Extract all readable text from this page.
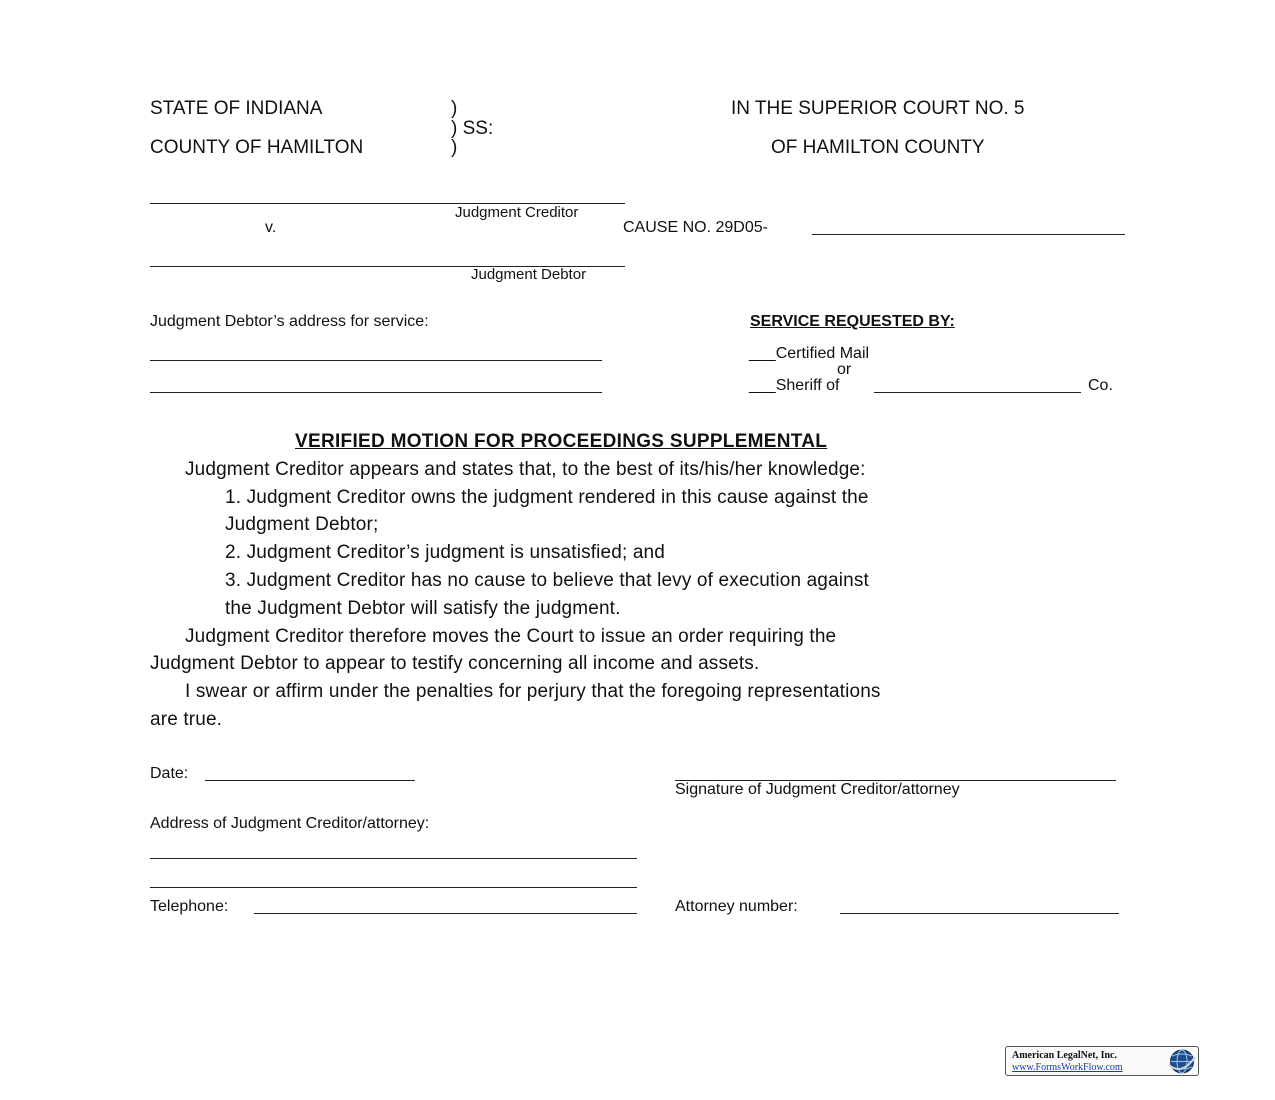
STATE OF INDIANA	)
) SS:
COUNTY OF HAMILTON	)
IN THE SUPERIOR COURT NO. 5
OF HAMILTON COUNTY
Judgment Creditor
v.	CAUSE NO. 29D05-
Judgment Debtor
Judgment Debtor’s address for service:	SERVICE REQUESTED BY:
___Certified Mail
or
___Sheriff of	Co.
VERIFIED MOTION FOR PROCEEDINGS SUPPLEMENTAL
Judgment Creditor appears and states that, to the best of its/his/her knowledge:
1. Judgment Creditor owns the judgment rendered in this cause against the
Judgment Debtor;
2. Judgment Creditor’s judgment is unsatisfied; and
3. Judgment Creditor has no cause to believe that levy of execution against
the Judgment Debtor will satisfy the judgment.
Judgment Creditor therefore moves the Court to issue an order requiring the
Judgment Debtor to appear to testify concerning all income and assets.
I swear or affirm under the penalties for perjury that the foregoing representations
are true.
Date:
Signature of Judgment Creditor/attorney
Address of Judgment Creditor/attorney:
Telephone:	Attorney number:
American LegalNet, Inc.
www.FormsWorkFlow.com
